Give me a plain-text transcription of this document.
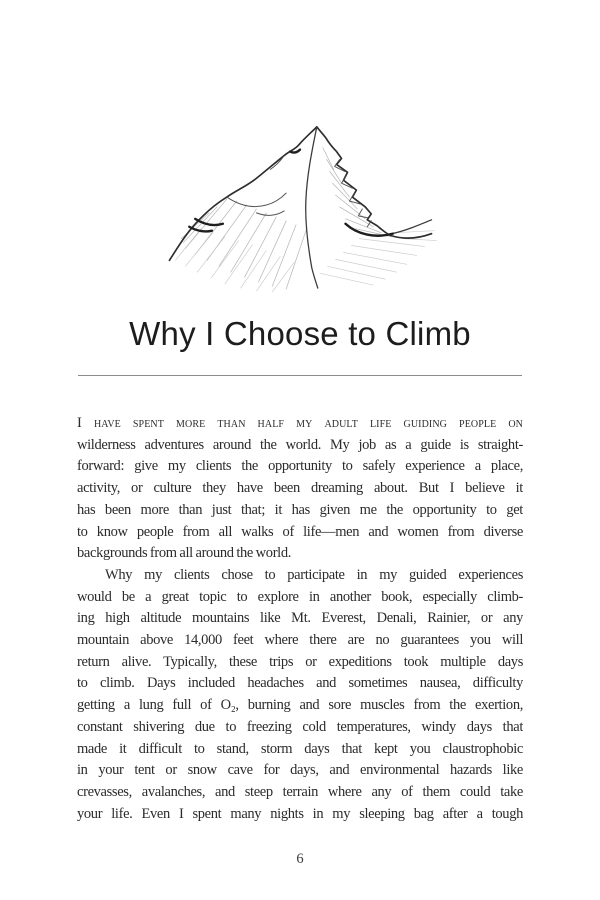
Why I Choose to Climb
I have spent more than half my adult life guiding people on
wilderness adventures around the world. My job as a guide is straight-
forward: give my clients the opportunity to safely experience a place,
activity, or culture they have been dreaming about. But I believe it
has been more than just that; it has given me the opportunity to get
to know people from all walks of life—men and women from diverse
backgrounds from all around the world.
Why my clients chose to participate in my guided experiences
would be a great topic to explore in another book, especially climb-
ing high altitude mountains like Mt. Everest, Denali, Rainier, or any
mountain above 14,000 feet where there are no guarantees you will
return alive. Typically, these trips or expeditions took multiple days
to climb. Days included headaches and sometimes nausea, difficulty
getting a lung full of O₂, burning and sore muscles from the exertion,
constant shivering due to freezing cold temperatures, windy days that
made it difficult to stand, storm days that kept you claustrophobic
in your tent or snow cave for days, and environmental hazards like
crevasses, avalanches, and steep terrain where any of them could take
your life. Even I spent many nights in my sleeping bag after a tough
6
